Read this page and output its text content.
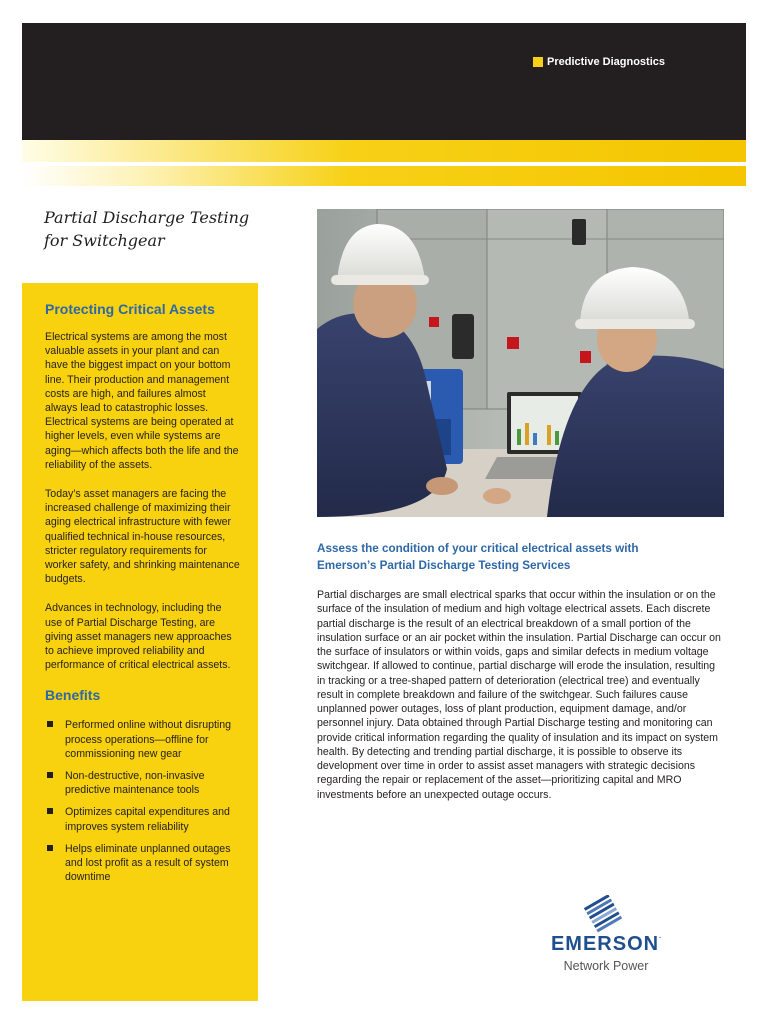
Predictive Diagnostics
Partial Discharge Testing
for Switchgear
Protecting Critical Assets

Electrical systems are among the most valuable assets in your plant and can have the biggest impact on your bottom line. Their production and management costs are high, and failures almost always lead to catastrophic losses. Electrical systems are being operated at higher levels, even while systems are aging—which affects both the life and the reliability of the assets.

Today’s asset managers are facing the increased challenge of maximizing their aging electrical infrastructure with fewer qualified technical in-house resources, stricter regulatory requirements for worker safety, and shrinking maintenance budgets.

Advances in technology, including the use of Partial Discharge Testing, are giving asset managers new approaches to achieve improved reliability and performance of critical electrical assets.

Benefits
Performed online without disrupting process operations—offline for commissioning new gear
Non-destructive, non-invasive predictive maintenance tools
Optimizes capital expenditures and improves system reliability
Helps eliminate unplanned outages and lost profit as a result of system downtime
Assess the condition of your critical electrical assets with
Emerson’s Partial Discharge Testing Services

Partial discharges are small electrical sparks that occur within the insulation or on the surface of the insulation of medium and high voltage electrical assets. Each discrete partial discharge is the result of an electrical breakdown of a small portion of the insulation surface or an air pocket within the insulation. Partial Discharge can occur on the surface of insulators or within voids, gaps and similar defects in medium voltage switchgear. If allowed to continue, partial discharge will erode the insulation, resulting in tracking or a tree-shaped pattern of deterioration (electrical tree) and eventually result in complete breakdown and failure of the switchgear. Such failures cause unplanned power outages, loss of plant production, equipment damage, and/or personnel injury. Data obtained through Partial Discharge testing and monitoring can provide critical information regarding the quality of insulation and its impact on system health. By detecting and trending partial discharge, it is possible to observe its development over time in order to assist asset managers with strategic decisions regarding the repair or replacement of the asset—prioritizing capital and MRO investments before an unexpected outage occurs.

EMERSON.
Network Power
